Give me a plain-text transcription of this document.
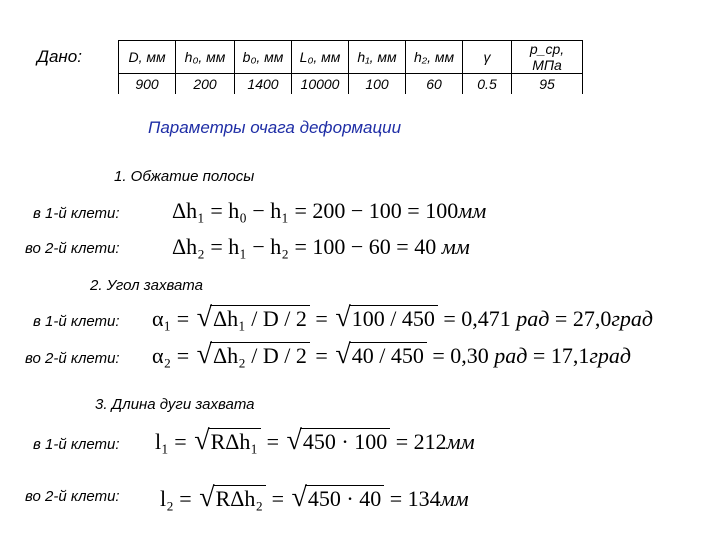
Дано:	D, мм	h₀, мм	b₀, мм	L₀, мм	h₁, мм	h₂, мм	γ	p_ср, МПа
900	200	1400	10000	100	60	0.5	95
Параметры очага деформации
1. Обжатие полосы
в 1-й клети: Δh₁ = h₀ − h₁ = 200 − 100 = 100мм
во 2-й клети: Δh₂ = h₁ − h₂ = 100 − 60 = 40 мм
2. Угол захвата
в 1-й клети: α₁ = √Δh₁ / D / 2 = √100 / 450 = 0,471 рад = 27,0град
во 2-й клети: α₂ = √Δh₂ / D / 2 = √40 / 450 = 0,30 рад = 17,1град
3. Длина дуги захвата
в 1-й клети: l₁ = √RΔh₁ = √450 · 100 = 212мм
во 2-й клети: l₂ = √RΔh₂ = √450 · 40 = 134мм
